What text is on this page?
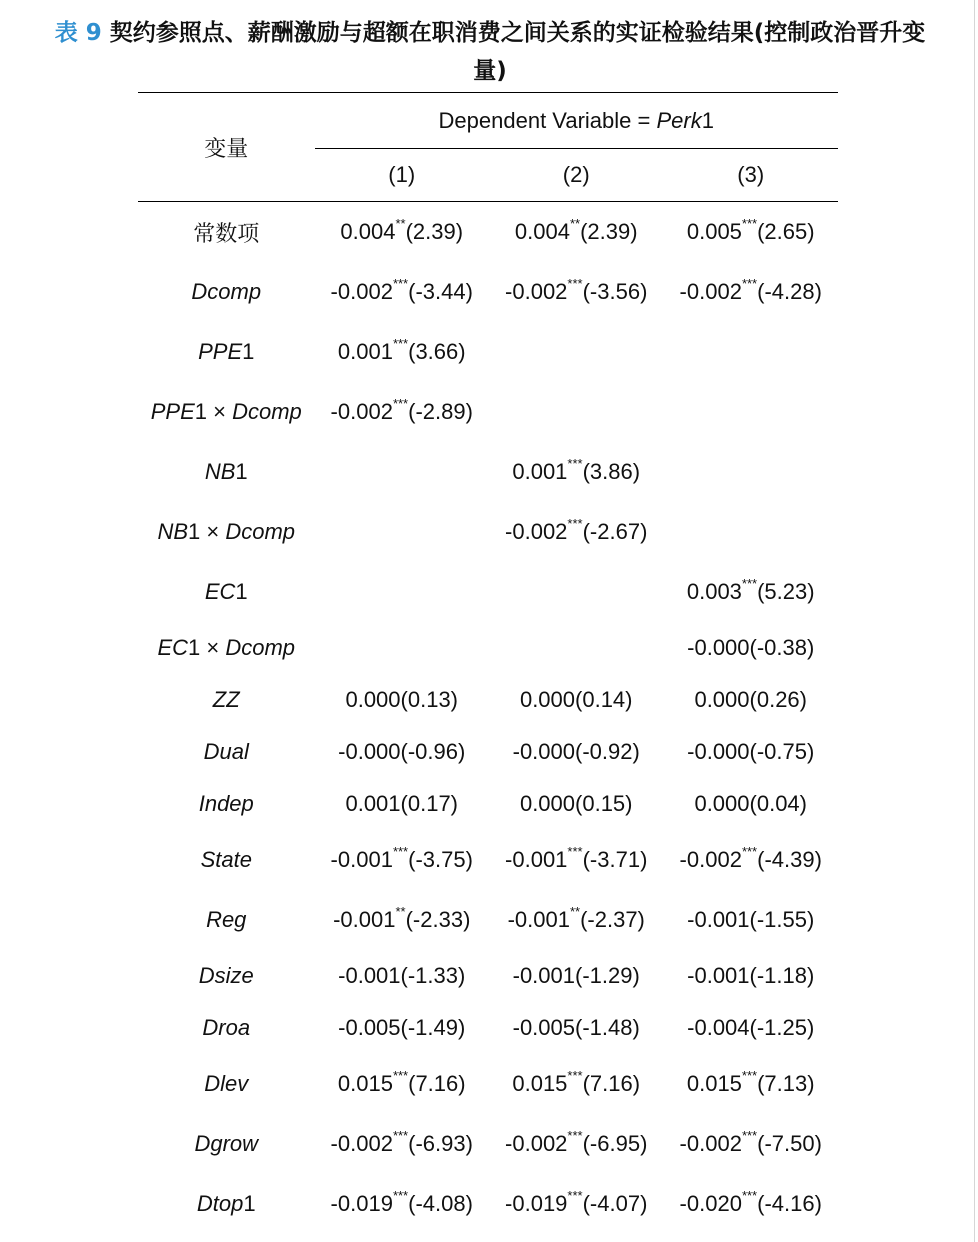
表 9 契约参照点、薪酬激励与超额在职消费之间关系的实证检验结果(控制政治晋升变
量)
变量	Dependent Variable = Perk1		
	(1)	(2)	(3)
常数项	0.004**(2.39)	0.004**(2.39)	0.005***(2.65)
Dcomp	-0.002***(-3.44)	-0.002***(-3.56)	-0.002***(-4.28)
PPE1	0.001***(3.66)		
PPE1 × Dcomp	-0.002***(-2.89)		
NB1		0.001***(3.86)	
NB1 × Dcomp		-0.002***(-2.67)	
EC1			0.003***(5.23)
EC1 × Dcomp			-0.000(-0.38)
ZZ	0.000(0.13)	0.000(0.14)	0.000(0.26)
Dual	-0.000(-0.96)	-0.000(-0.92)	-0.000(-0.75)
Indep	0.001(0.17)	0.000(0.15)	0.000(0.04)
State	-0.001***(-3.75)	-0.001***(-3.71)	-0.002***(-4.39)
Reg	-0.001**(-2.33)	-0.001**(-2.37)	-0.001(-1.55)
Dsize	-0.001(-1.33)	-0.001(-1.29)	-0.001(-1.18)
Droa	-0.005(-1.49)	-0.005(-1.48)	-0.004(-1.25)
Dlev	0.015***(7.16)	0.015***(7.16)	0.015***(7.13)
Dgrow	-0.002***(-6.93)	-0.002***(-6.95)	-0.002***(-7.50)
Dtop1	-0.019***(-4.08)	-0.019***(-4.07)	-0.020***(-4.16)
